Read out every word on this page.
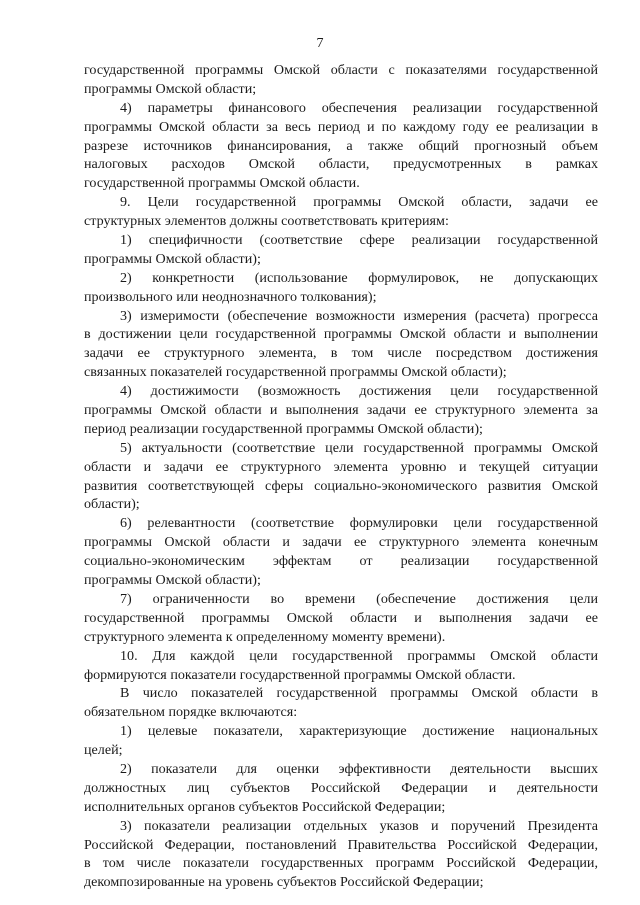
7
государственной программы Омской области с показателями государственной
программы Омской области;
4) параметры финансового обеспечения реализации государственной
программы Омской области за весь период и по каждому году ее реализации в
разрезе источников финансирования, а также общий прогнозный объем
налоговых расходов Омской области, предусмотренных в рамках
государственной программы Омской области.
9. Цели государственной программы Омской области, задачи ее
структурных элементов должны соответствовать критериям:
1) специфичности (соответствие сфере реализации государственной
программы Омской области);
2) конкретности (использование формулировок, не допускающих
произвольного или неоднозначного толкования);
3) измеримости (обеспечение возможности измерения (расчета) прогресса
в достижении цели государственной программы Омской области и выполнении
задачи ее структурного элемента, в том числе посредством достижения
связанных показателей государственной программы Омской области);
4) достижимости (возможность достижения цели государственной
программы Омской области и выполнения задачи ее структурного элемента за
период реализации государственной программы Омской области);
5) актуальности (соответствие цели государственной программы Омской
области и задачи ее структурного элемента уровню и текущей ситуации
развития соответствующей сферы социально-экономического развития Омской
области);
6) релевантности (соответствие формулировки цели государственной
программы Омской области и задачи ее структурного элемента конечным
социально-экономическим эффектам от реализации государственной
программы Омской области);
7) ограниченности во времени (обеспечение достижения цели
государственной программы Омской области и выполнения задачи ее
структурного элемента к определенному моменту времени).
10. Для каждой цели государственной программы Омской области
формируются показатели государственной программы Омской области.
В число показателей государственной программы Омской области в
обязательном порядке включаются:
1) целевые показатели, характеризующие достижение национальных
целей;
2) показатели для оценки эффективности деятельности высших
должностных лиц субъектов Российской Федерации и деятельности
исполнительных органов субъектов Российской Федерации;
3) показатели реализации отдельных указов и поручений Президента
Российской Федерации, постановлений Правительства Российской Федерации,
в том числе показатели государственных программ Российской Федерации,
декомпозированные на уровень субъектов Российской Федерации;
